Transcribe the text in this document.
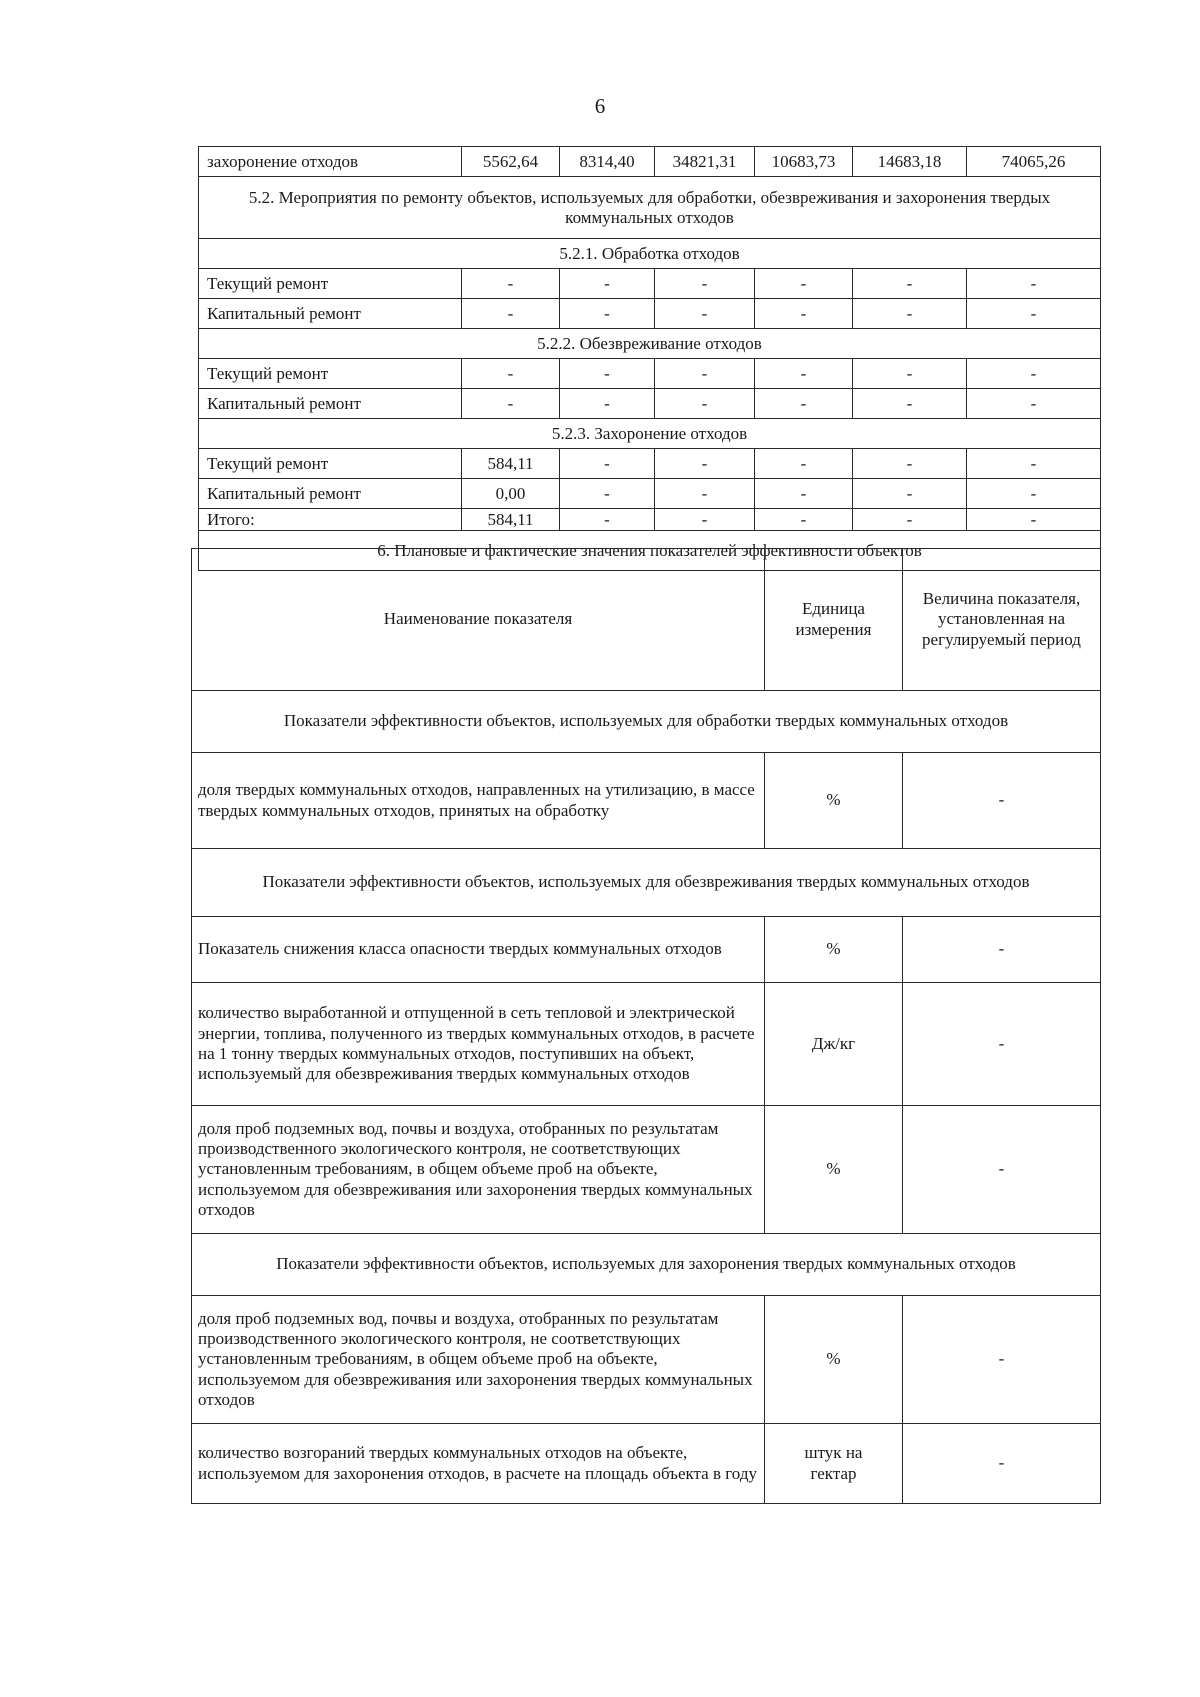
6
захоронение отходов	5562,64	8314,40	34821,31	10683,73	14683,18	74065,26
5.2. Мероприятия по ремонту объектов, используемых для обработки, обезвреживания и захоронения твердых коммунальных отходов						
5.2.1. Обработка отходов						
Текущий ремонт	-	-	-	-	-	-
Капитальный ремонт	-	-	-	-	-	-
5.2.2. Обезвреживание отходов						
Текущий ремонт	-	-	-	-	-	-
Капитальный ремонт	-	-	-	-	-	-
5.2.3. Захоронение отходов						
Текущий ремонт	584,11	-	-	-	-	-
Капитальный ремонт	0,00	-	-	-	-	-
Итого:	584,11	-	-	-	-	-
6. Плановые и фактические значения показателей эффективности объектов						
Наименование показателя	Единица измерения	Величина показателя, установленная на регулируемый период
Показатели эффективности объектов, используемых для обработки твердых коммунальных отходов		
доля твердых коммунальных отходов, направленных на утилизацию, в массе твердых коммунальных отходов, принятых на обработку	%	-
Показатели эффективности объектов, используемых для обезвреживания твердых коммунальных отходов		
Показатель снижения класса опасности твердых коммунальных отходов	%	-
количество выработанной и отпущенной в сеть тепловой и электрической энергии, топлива, полученного из твердых коммунальных отходов, в расчете на 1 тонну твердых коммунальных отходов, поступивших на объект, используемый для обезвреживания твердых коммунальных отходов	Дж/кг	-
доля проб подземных вод, почвы и воздуха, отобранных по результатам производственного экологического контроля, не соответствующих установленным требованиям, в общем объеме проб на объекте, используемом для обезвреживания или захоронения твердых коммунальных отходов	%	-
Показатели эффективности объектов, используемых для захоронения твердых коммунальных отходов		
доля проб подземных вод, почвы и воздуха, отобранных по результатам производственного экологического контроля, не соответствующих установленным требованиям, в общем объеме проб на объекте, используемом для обезвреживания или захоронения твердых коммунальных отходов	%	-
количество возгораний твердых коммунальных отходов на объекте, используемом для захоронения отходов, в расчете на площадь объекта в году	штук на гектар	-
